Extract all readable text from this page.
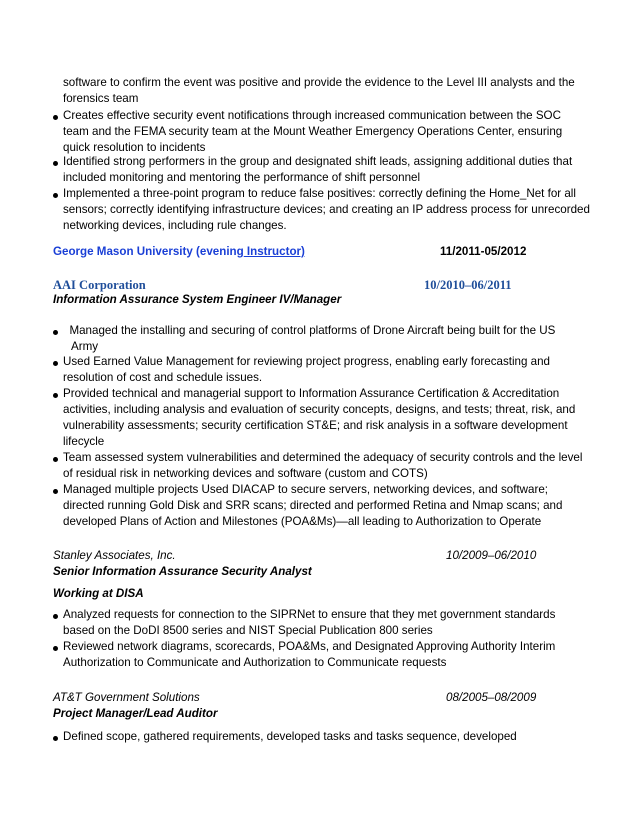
software to confirm the event was positive and provide the evidence to the Level III analysts and the
forensics team
Creates effective security event notifications through increased communication between the SOC
team and the FEMA security team at the Mount Weather Emergency Operations Center, ensuring
quick resolution to incidents
Identified strong performers in the group and designated shift leads, assigning additional duties that
included monitoring and mentoring the performance of shift personnel
Implemented a three-point program to reduce false positives: correctly defining the Home_Net for all
sensors; correctly identifying infrastructure devices; and creating an IP address process for unrecorded
networking devices, including rule changes.
George Mason University (evening Instructor)	11/2011-05/2012
AAI Corporation	10/2010–06/2011
Information Assurance System Engineer IV/Manager
Managed the installing and securing of control platforms of Drone Aircraft being built for the US
Army
Used Earned Value Management for reviewing project progress, enabling early forecasting and
resolution of cost and schedule issues.
Provided technical and managerial support to Information Assurance Certification & Accreditation
activities, including analysis and evaluation of security concepts, designs, and tests; threat, risk, and
vulnerability assessments; security certification ST&E; and risk analysis in a software development
lifecycle
Team assessed system vulnerabilities and determined the adequacy of security controls and the level
of residual risk in networking devices and software (custom and COTS)
Managed multiple projects Used DIACAP to secure servers, networking devices, and software;
directed running Gold Disk and SRR scans; directed and performed Retina and Nmap scans; and
developed Plans of Action and Milestones (POA&Ms)—all leading to Authorization to Operate
Stanley Associates, Inc.	10/2009–06/2010
Senior Information Assurance Security Analyst
Working at DISA
Analyzed requests for connection to the SIPRNet to ensure that they met government standards
based on the DoDI 8500 series and NIST Special Publication 800 series
Reviewed network diagrams, scorecards, POA&Ms, and Designated Approving Authority Interim
Authorization to Communicate and Authorization to Communicate requests
AT&T Government Solutions	08/2005–08/2009
Project Manager/Lead Auditor
Defined scope, gathered requirements, developed tasks and tasks sequence, developed
